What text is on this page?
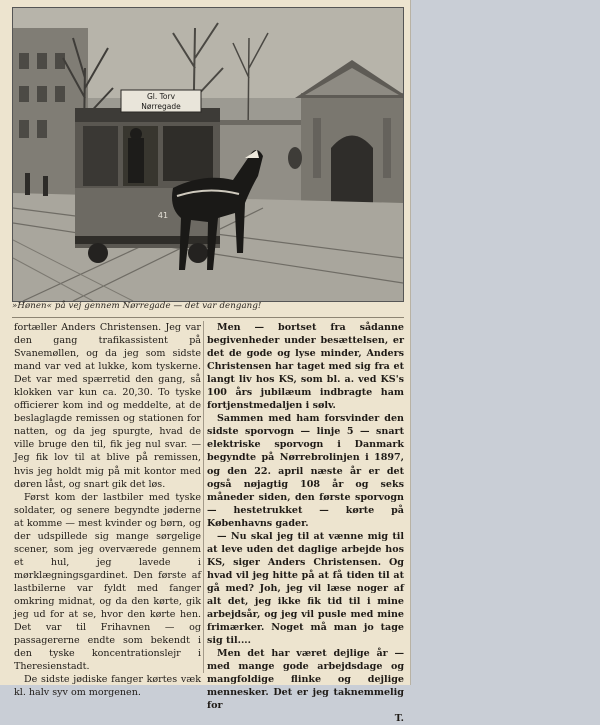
Gl. Torv
Nørregade
41
»Hønen« på vej gennem Nørregade — det var dengang!

fortæller Anders Christensen. Jeg var den gang trafikassistent på Svanemøllen, og da jeg som sidste mand var ved at lukke, kom tyskerne. Det var med spærretid den gang, så klokken var kun ca. 20,30. To tyske officierer kom ind og meddelte, at de beslaglagde remissen og stationen for natten, og da jeg spurgte, hvad de ville bruge den til, fik jeg nul svar. — Jeg fik lov til at blive på remissen, hvis jeg holdt mig på mit kontor med døren låst, og snart gik det løs.

Først kom der lastbiler med tyske soldater, og senere begyndte jøderne at komme — mest kvinder og børn, og der udspillede sig mange sørgelige scener, som jeg overværede gennem et hul, jeg lavede i mørklægningsgardinet. Den første af lastbilerne var fyldt med fanger omkring midnat, og da den kørte, gik jeg ud for at se, hvor den kørte hen. Det var til Frihavnen — og passagererne endte som bekendt i den tyske koncentrationslejr i Theresienstadt.

De sidste jødiske fanger kørtes væk kl. halv syv om morgenen.

Men — bortset fra sådanne begivenheder under besættelsen, er det de gode og lyse minder, Anders Christensen har taget med sig fra et langt liv hos KS, som bl. a. ved KS's 100 års jubilæum indbragte ham fortjenstmedaljen i sølv.

Sammen med ham forsvinder den sidste sporvogn — linje 5 — snart elektriske sporvogn i Danmark begyndte på Nørrebrolinjen i 1897, og den 22. april næste år er det også nøjagtig 108 år og seks måneder siden, den første sporvogn — hestetrukket — kørte på Københavns gader.

— Nu skal jeg til at vænne mig til at leve uden det daglige arbejde hos KS, siger Anders Christensen. Og hvad vil jeg hitte på at få tiden til at gå med? Joh, jeg vil læse noger af alt det, jeg ikke fik tid til i mine arbejdsår, og jeg vil pusle med mine frimærker. Noget må man jo tage sig til....

Men det har været dejlige år — med mange gode arbejdsdage og mangfoldige flinke og dejlige mennesker. Det er jeg taknemmelig for

T.
